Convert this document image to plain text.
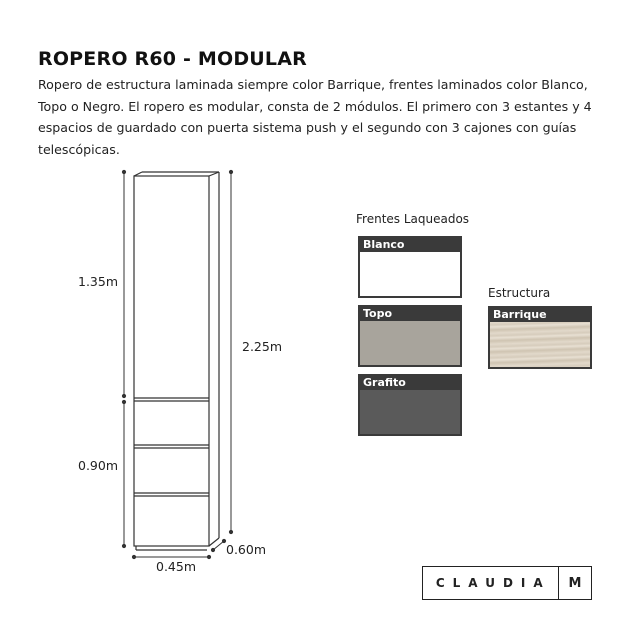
ROPERO R60 - MODULAR
Ropero de estructura laminada siempre color Barrique, frentes laminados color Blanco, Topo o Negro. El ropero es modular, consta de 2 módulos. El primero con 3 estantes y 4 espacios de guardado con puerta sistema push y el segundo con 3 cajones con guías telescópicas.
1.35m
0.90m
2.25m
0.45m
0.60m
Frentes Laqueados
Blanco
Topo
Grafito
Estructura
Barrique
CLAUDIA	M
